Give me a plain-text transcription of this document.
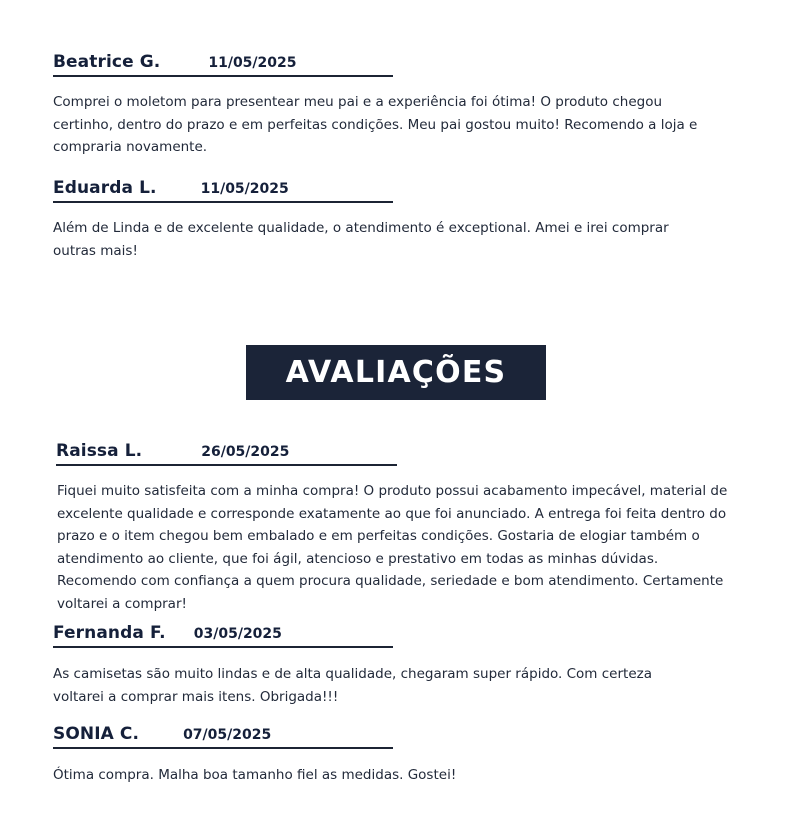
Beatrice G.	11/05/2025
Comprei o moletom para presentear meu pai e a experiência foi ótima! O produto chegou certinho, dentro do prazo e em perfeitas condições. Meu pai gostou muito! Recomendo a loja e compraria novamente.
Eduarda L.	11/05/2025
Além de Linda e de excelente qualidade, o atendimento é exceptional. Amei e irei comprar outras mais!
AVALIAÇÕES
Raissa L.	26/05/2025
Fiquei muito satisfeita com a minha compra! O produto possui acabamento impecável, material de excelente qualidade e corresponde exatamente ao que foi anunciado. A entrega foi feita dentro do prazo e o item chegou bem embalado e em perfeitas condições. Gostaria de elogiar também o atendimento ao cliente, que foi ágil, atencioso e prestativo em todas as minhas dúvidas. Recomendo com confiança a quem procura qualidade, seriedade e bom atendimento. Certamente voltarei a comprar!
Fernanda F. 03/05/2025
As camisetas são muito lindas e de alta qualidade, chegaram super rápido. Com certeza voltarei a comprar mais itens. Obrigada!!!
SONIA C.	07/05/2025
Ótima compra. Malha boa tamanho fiel as medidas. Gostei!
